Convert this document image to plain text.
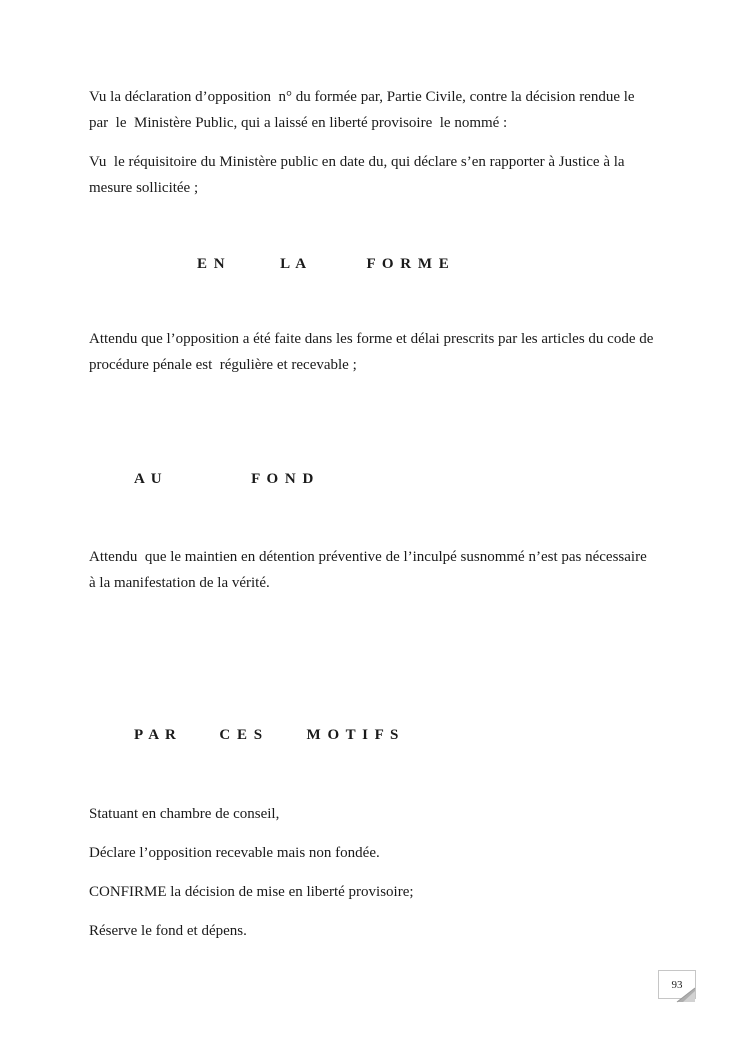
Vu la déclaration d’opposition  n° du formée par, Partie Civile, contre la décision rendue le par  le  Ministère Public, qui a laissé en liberté provisoire  le nommé :

Vu  le réquisitoire du Ministère public en date du, qui déclare s’en rapporter à Justice à la mesure sollicitée ;

E N	L A	F O R M E

Attendu que l’opposition a été faite dans les forme et délai prescrits par les articles du code de procédure pénale est  régulière et recevable ;

A U	F O N D

Attendu  que le maintien en détention préventive de l’inculpé susnommé n’est pas nécessaire à la manifestation de la vérité.

P A R	C E S	M O T I F S

Statuant en chambre de conseil,

Déclare l’opposition recevable mais non fondée.

CONFIRME la décision de mise en liberté provisoire;

Réserve le fond et dépens.

93
